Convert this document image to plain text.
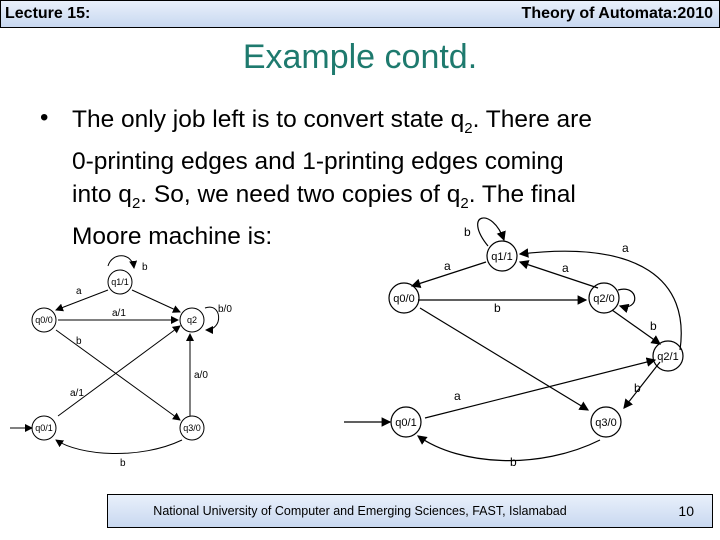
Lecture 15:	Theory of Automata:2010
Example contd.
• The only job left is to convert state $q_2$. There are
0-printing edges and 1-printing edges coming
into $q_2$. So, we need two copies of $q_2$. The final
Moore machine is:
q1/1
q0/0	q2
q3/0
q0/1
b
a
a/1	b/0
b
a/0
a/1
b
q1/1
q0/0	q2/0
q2/1
q0/1	q3/0
b
a	a
a
b
b
b
a
b
National University of Computer and Emerging Sciences, FAST, Islamabad	10
